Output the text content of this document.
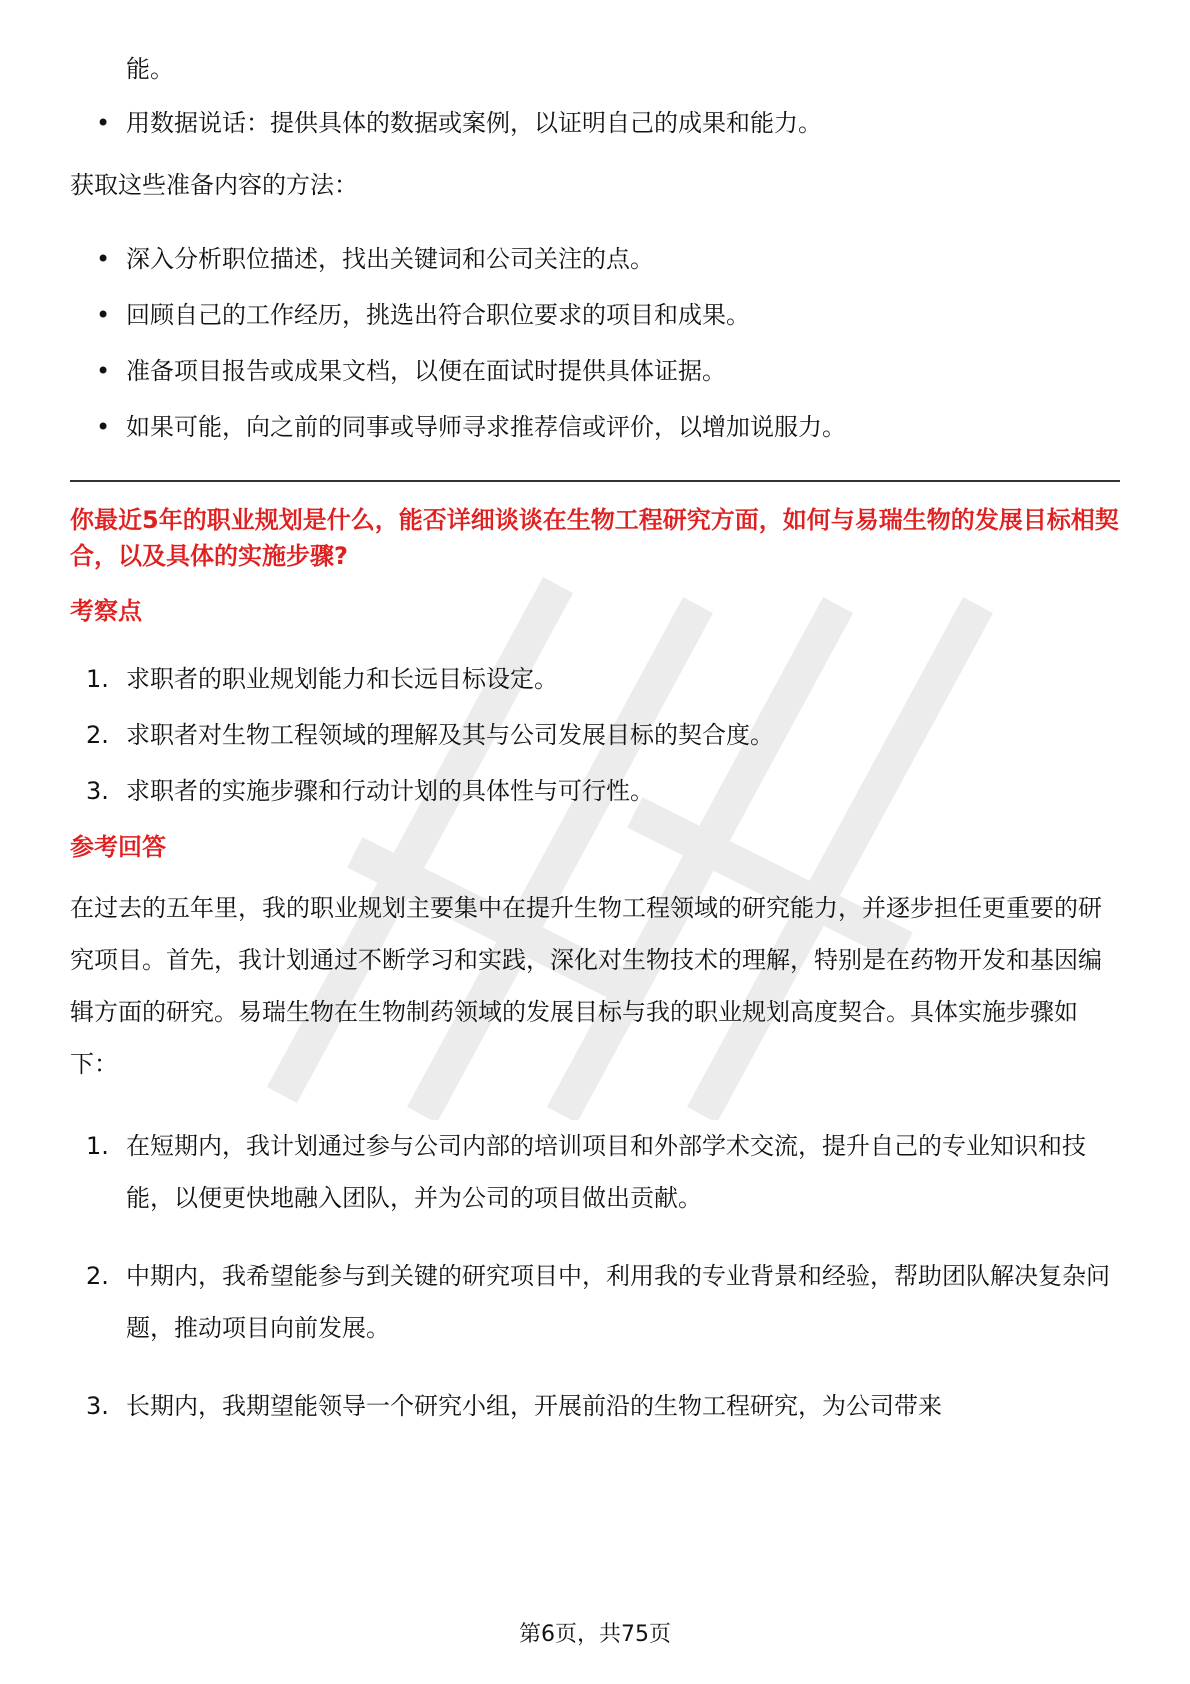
能。

• 用数据说话：提供具体的数据或案例，以证明自己的成果和能力。

获取这些准备内容的方法：

• 深入分析职位描述，找出关键词和公司关注的点。
• 回顾自己的工作经历，挑选出符合职位要求的项目和成果。
• 准备项目报告或成果文档，以便在面试时提供具体证据。
• 如果可能，向之前的同事或导师寻求推荐信或评价，以增加说服力。

你最近5年的职业规划是什么，能否详细谈谈在生物工程研究方面，如何与易瑞生物的发展目标相契合，以及具体的实施步骤?

考察点

1. 求职者的职业规划能力和长远目标设定。
2. 求职者对生物工程领域的理解及其与公司发展目标的契合度。
3. 求职者的实施步骤和行动计划的具体性与可行性。

参考回答

在过去的五年里，我的职业规划主要集中在提升生物工程领域的研究能力，并逐步担任更重要的研究项目。首先，我计划通过不断学习和实践，深化对生物技术的理解，特别是在药物开发和基因编辑方面的研究。易瑞生物在生物制药领域的发展目标与我的职业规划高度契合。具体实施步骤如下：

1. 在短期内，我计划通过参与公司内部的培训项目和外部学术交流，提升自己的专业知识和技能，以便更快地融入团队，并为公司的项目做出贡献。
2. 中期内，我希望能参与到关键的研究项目中，利用我的专业背景和经验，帮助团队解决复杂问题，推动项目向前发展。
3. 长期内，我期望能领导一个研究小组，开展前沿的生物工程研究，为公司带来
第6页，共75页
